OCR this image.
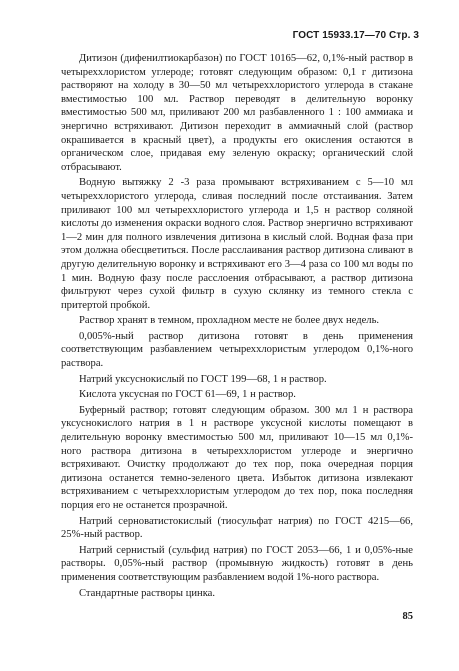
ГОСТ 15933.17—70 Стр. 3

Дитизон (дифенилтиокарбазон) по ГОСТ 10165—62, 0,1%-ный раствор в четыреххлористом углероде; готовят следующим образом: 0,1 г дитизона растворяют на холоду в 30—50 мл четыреххлористого углерода в стакане вместимостью 100 мл. Раствор переводят в делительную воронку вместимостью 500 мл, приливают 200 мл разбавленного 1 : 100 аммиака и энергично встряхивают. Дитизон переходит в аммиачный слой (раствор окрашивается в красный цвет), а продукты его окисления остаются в органическом слое, придавая ему зеленую окраску; органический слой отбрасывают.

Водную вытяжку 2 -3 раза промывают встряхиванием с 5—10 мл четыреххлористого углерода, сливая последний после отстаивания. Затем приливают 100 мл четыреххлористого углерода и 1,5 н раствор соляной кислоты до изменения окраски водного слоя. Раствор энергично встряхивают 1—2 мин для полного извлечения дитизона в кислый слой. Водная фаза при этом должна обесцветиться. После расслаивания раствор дитизона сливают в другую делительную воронку и встряхивают его 3—4 раза со 100 мл воды по 1 мин. Водную фазу после расслоения отбрасывают, а раствор дитизона фильтруют через сухой фильтр в сухую склянку из темного стекла с притертой пробкой.

Раствор хранят в темном, прохладном месте не более двух недель.

0,005%-ный раствор дитизона готовят в день применения соответствующим разбавлением четыреххлористым углеродом 0,1%-ного раствора.

Натрий уксуснокислый по ГОСТ 199—68, 1 н раствор.

Кислота уксусная по ГОСТ 61—69, 1 н раствор.

Буферный раствор; готовят следующим образом. 300 мл 1 н раствора уксуснокислого натрия в 1 н растворе уксусной кислоты помещают в делительную воронку вместимостью 500 мл, приливают 10—15 мл 0,1%-ного раствора дитизона в четыреххлористом углероде и энергично встряхивают. Очистку продолжают до тех пор, пока очередная порция дитизона останется темно-зеленого цвета. Избыток дитизона извлекают встряхиванием с четыреххлористым углеродом до тех пор, пока последняя порция его не останется прозрачной.

Натрий серноватистокислый (тиосульфат натрия) по ГОСТ 4215—66, 25%-ный раствор.

Натрий сернистый (сульфид натрия) по ГОСТ 2053—66, 1 и 0,05%-ные растворы. 0,05%-ный раствор (промывную жидкость) готовят в день применения соответствующим разбавлением водой 1%-ного раствора.

Стандартные растворы цинка.

85
